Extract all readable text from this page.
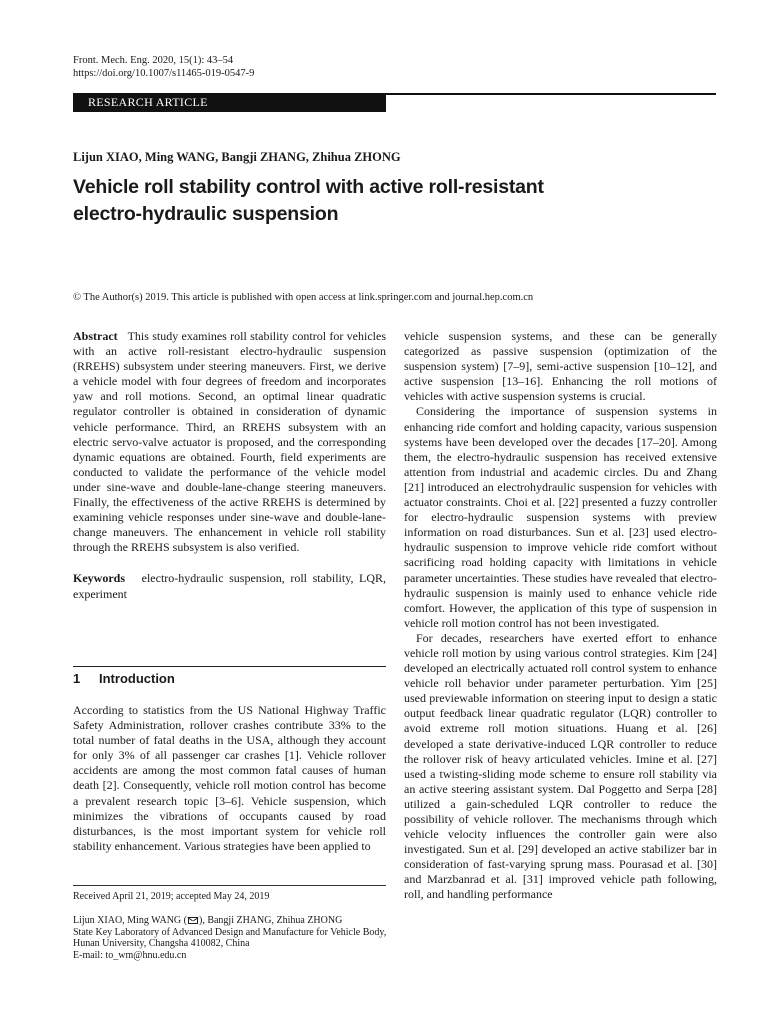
Front. Mech. Eng. 2020, 15(1): 43–54
https://doi.org/10.1007/s11465-019-0547-9
RESEARCH ARTICLE
Lijun XIAO, Ming WANG, Bangji ZHANG, Zhihua ZHONG
Vehicle roll stability control with active roll-resistant
electro-hydraulic suspension
© The Author(s) 2019. This article is published with open access at link.springer.com and journal.hep.com.cn

Abstract This study examines roll stability control for vehicles with an active roll-resistant electro-hydraulic suspension (RREHS) subsystem under steering maneuvers. First, we derive a vehicle model with four degrees of freedom and incorporates yaw and roll motions. Second, an optimal linear quadratic regulator controller is obtained in consideration of dynamic vehicle performance. Third, an RREHS subsystem with an electric servo-valve actuator is proposed, and the corresponding dynamic equations are obtained. Fourth, field experiments are conducted to validate the performance of the vehicle model under sine-wave and double-lane-change steering maneuvers. Finally, the effectiveness of the active RREHS is determined by examining vehicle responses under sine-wave and double-lane-change maneuvers. The enhancement in vehicle roll stability through the RREHS subsystem is also verified.

Keywords electro-hydraulic suspension, roll stability, LQR, experiment

1 Introduction

According to statistics from the US National Highway Traffic Safety Administration, rollover crashes contribute 33% to the total number of fatal deaths in the USA, although they account for only 3% of all passenger car crashes [1]. Vehicle rollover accidents are among the most common fatal causes of human death [2]. Consequently, vehicle roll motion control has become a prevalent research topic [3–6]. Vehicle suspension, which minimizes the vibrations of occupants caused by road disturbances, is the most important system for vehicle roll stability enhancement. Various strategies have been applied to

vehicle suspension systems, and these can be generally categorized as passive suspension (optimization of the suspension system) [7–9], semi-active suspension [10–12], and active suspension [13–16]. Enhancing the roll motions of vehicles with active suspension systems is crucial.

Considering the importance of suspension systems in enhancing ride comfort and holding capacity, various suspension systems have been developed over the decades [17–20]. Among them, the electro-hydraulic suspension has received extensive attention from industrial and academic circles. Du and Zhang [21] introduced an electrohydraulic suspension for vehicles with actuator constraints. Choi et al. [22] presented a fuzzy controller for electro-hydraulic suspension systems with preview information on road disturbances. Sun et al. [23] used electro-hydraulic suspension to improve vehicle ride comfort without sacrificing road holding capacity with limitations in vehicle parameter uncertainties. These studies have revealed that electro-hydraulic suspension is mainly used to enhance vehicle ride comfort. However, the application of this type of suspension in vehicle roll motion control has not been investigated.

For decades, researchers have exerted effort to enhance vehicle roll motion by using various control strategies. Kim [24] developed an electrically actuated roll control system to enhance vehicle roll behavior under parameter perturbation. Yim [25] used previewable information on steering input to design a static output feedback linear quadratic regulator (LQR) controller to avoid extreme roll motion situations. Huang et al. [26] developed a state derivative-induced LQR controller to reduce the rollover risk of heavy articulated vehicles. Imine et al. [27] used a twisting-sliding mode scheme to ensure roll stability via an active steering assistant system. Dal Poggetto and Serpa [28] utilized a gain-scheduled LQR controller to reduce the possibility of vehicle rollover. The mechanisms through which vehicle velocity influences the controller gain were also investigated. Sun et al. [29] developed an active stabilizer bar in consideration of fast-varying sprung mass. Pourasad et al. [30] and Marzbanrad et al. [31] improved vehicle path following, roll, and handling performance

Received April 21, 2019; accepted May 24, 2019

Lijun XIAO, Ming WANG ( ), Bangji ZHANG, Zhihua ZHONG

State Key Laboratory of Advanced Design and Manufacture for Vehicle Body, Hunan University, Changsha 410082, China

E-mail: to_wm@hnu.edu.cn
